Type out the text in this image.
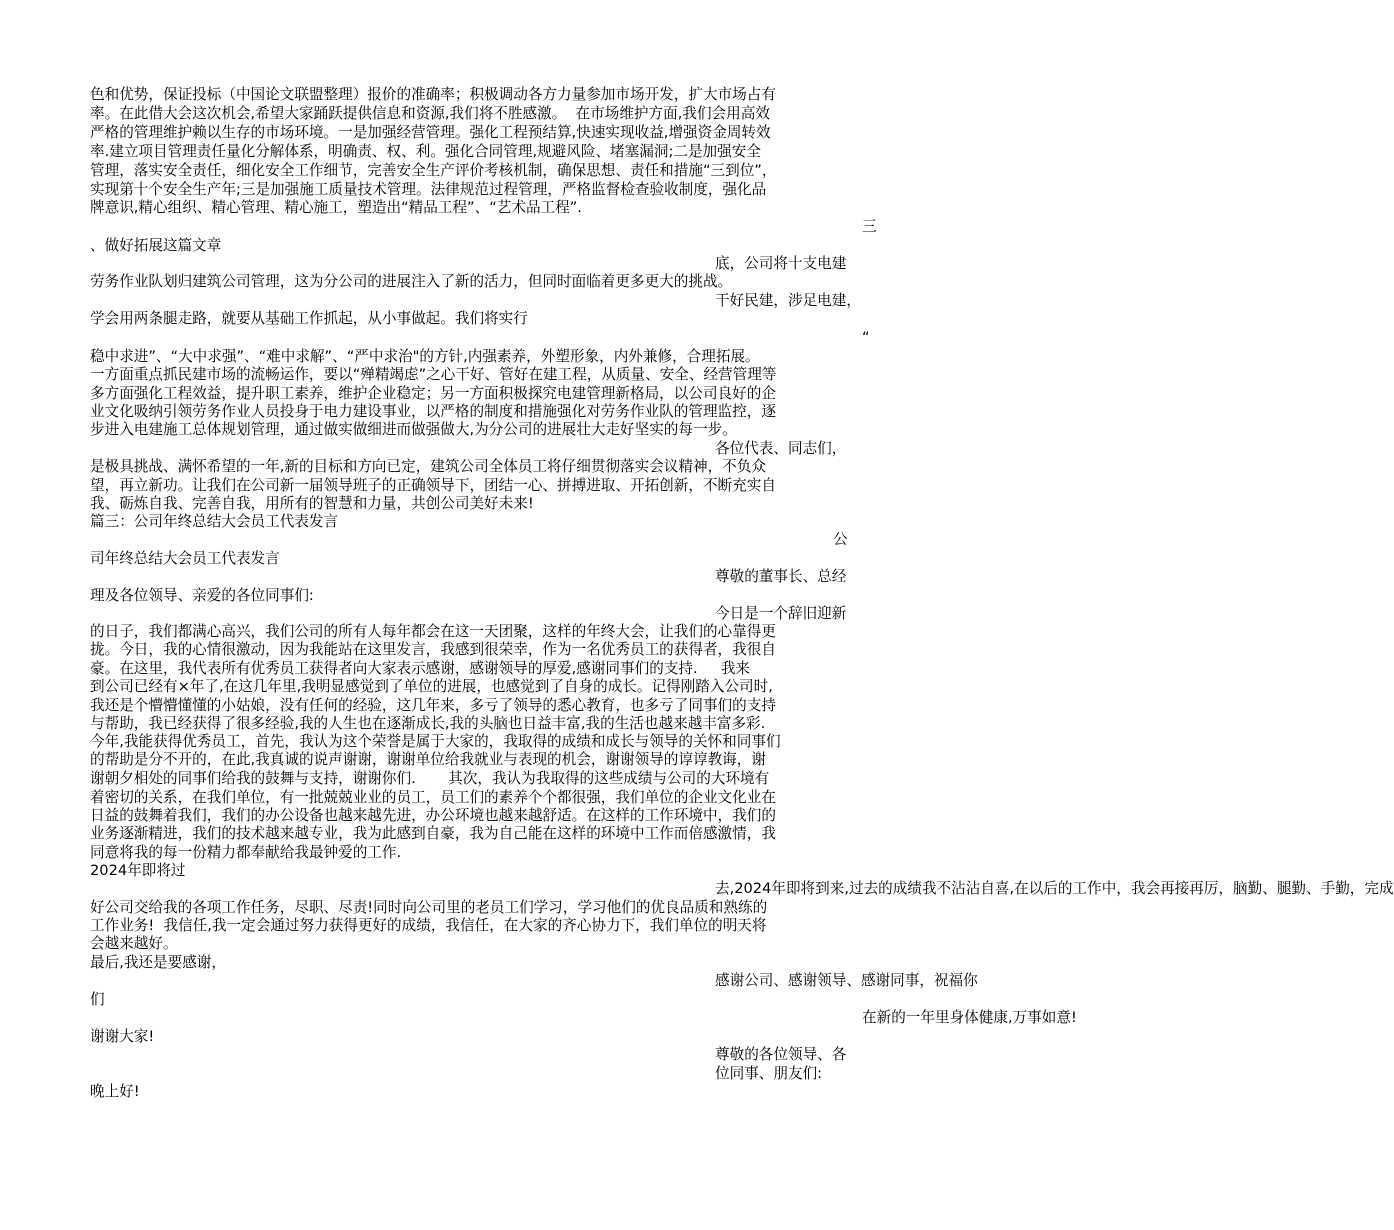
色和优势，保证投标（中国论文联盟整理）报价的准确率；积极调动各方力量参加市场开发，扩大市场占有
率。在此借大会这次机会,希望大家踊跃提供信息和资源,我们将不胜感激。  在市场维护方面,我们会用高效
严格的管理维护赖以生存的市场环境。一是加强经营管理。强化工程预结算,快速实现收益,增强资金周转效
率.建立项目管理责任量化分解体系，明确责、权、利。强化合同管理,规避风险、堵塞漏洞;二是加强安全
管理，落实安全责任，细化安全工作细节，完善安全生产评价考核机制，确保思想、责任和措施“三到位”，
实现第十个安全生产年;三是加强施工质量技术管理。法律规范过程管理，严格监督检查验收制度，强化品
牌意识,精心组织、精心管理、精心施工，塑造出“精品工程”、“艺术品工程”.
三
、做好拓展这篇文章
底，公司将十支电建
劳务作业队划归建筑公司管理，这为分公司的进展注入了新的活力，但同时面临着更多更大的挑战。
干好民建，涉足电建，
学会用两条腿走路，就要从基础工作抓起，从小事做起。我们将实行
“
稳中求进”、“大中求强”、“难中求解”、“严中求治"的方针,内强素养，外塑形象，内外兼修，合理拓展。
一方面重点抓民建市场的流畅运作，要以“殚精竭虑”之心干好、管好在建工程，从质量、安全、经营管理等
多方面强化工程效益，提升职工素养，维护企业稳定；另一方面积极探究电建管理新格局，以公司良好的企
业文化吸纳引领劳务作业人员投身于电力建设事业，以严格的制度和措施强化对劳务作业队的管理监控，逐
步进入电建施工总体规划管理，通过做实做细进而做强做大,为分公司的进展壮大走好坚实的每一步。
各位代表、同志们，
是极具挑战、满怀希望的一年,新的目标和方向已定，建筑公司全体员工将仔细贯彻落实会议精神，不负众
望，再立新功。让我们在公司新一届领导班子的正确领导下，团结一心、拼搏进取、开拓创新，不断充实自
我、砺炼自我、完善自我，用所有的智慧和力量，共创公司美好未来!
篇三：公司年终总结大会员工代表发言
公
司年终总结大会员工代表发言
尊敬的董事长、总经
理及各位领导、亲爱的各位同事们:
今日是一个辞旧迎新
的日子，我们都满心高兴，我们公司的所有人每年都会在这一天团聚，这样的年终大会，让我们的心靠得更
拢。今日，我的心情很激动，因为我能站在这里发言，我感到很荣幸，作为一名优秀员工的获得者，我很自
豪。在这里，我代表所有优秀员工获得者向大家表示感谢，感谢领导的厚爱,感谢同事们的支持.     我来
到公司已经有×年了,在这几年里,我明显感觉到了单位的进展，也感觉到了自身的成长。记得刚踏入公司时,
我还是个懵懵懂懂的小姑娘，没有任何的经验，这几年来，多亏了领导的悉心教育，也多亏了同事们的支持
与帮助，我已经获得了很多经验,我的人生也在逐渐成长,我的头脑也日益丰富,我的生活也越来越丰富多彩.
今年,我能获得优秀员工，首先，我认为这个荣誉是属于大家的，我取得的成绩和成长与领导的关怀和同事们
的帮助是分不开的，在此,我真诚的说声谢谢，谢谢单位给我就业与表现的机会，谢谢领导的谆谆教诲，谢
谢朝夕相处的同事们给我的鼓舞与支持，谢谢你们.       其次，我认为我取得的这些成绩与公司的大环境有
着密切的关系，在我们单位，有一批兢兢业业的员工，员工们的素养个个都很强，我们单位的企业文化业在
日益的鼓舞着我们，我们的办公设备也越来越先进，办公环境也越来越舒适。在这样的工作环境中，我们的
业务逐渐精进，我们的技术越来越专业，我为此感到自豪，我为自己能在这样的环境中工作而倍感激情，我
同意将我的每一份精力都奉献给我最钟爱的工作.
2024年即将过
去,2024年即将到来,过去的成绩我不沾沾自喜,在以后的工作中，我会再接再厉，脑勤、腿勤、手勤，完成
好公司交给我的各项工作任务，尽职、尽责!同时向公司里的老员工们学习，学习他们的优良品质和熟练的
工作业务!  我信任,我一定会通过努力获得更好的成绩，我信任，在大家的齐心协力下，我们单位的明天将
会越来越好。
最后,我还是要感谢，
感谢公司、感谢领导、感谢同事，祝福你
们
在新的一年里身体健康,万事如意!
谢谢大家!
尊敬的各位领导、各
位同事、朋友们:
晚上好!
